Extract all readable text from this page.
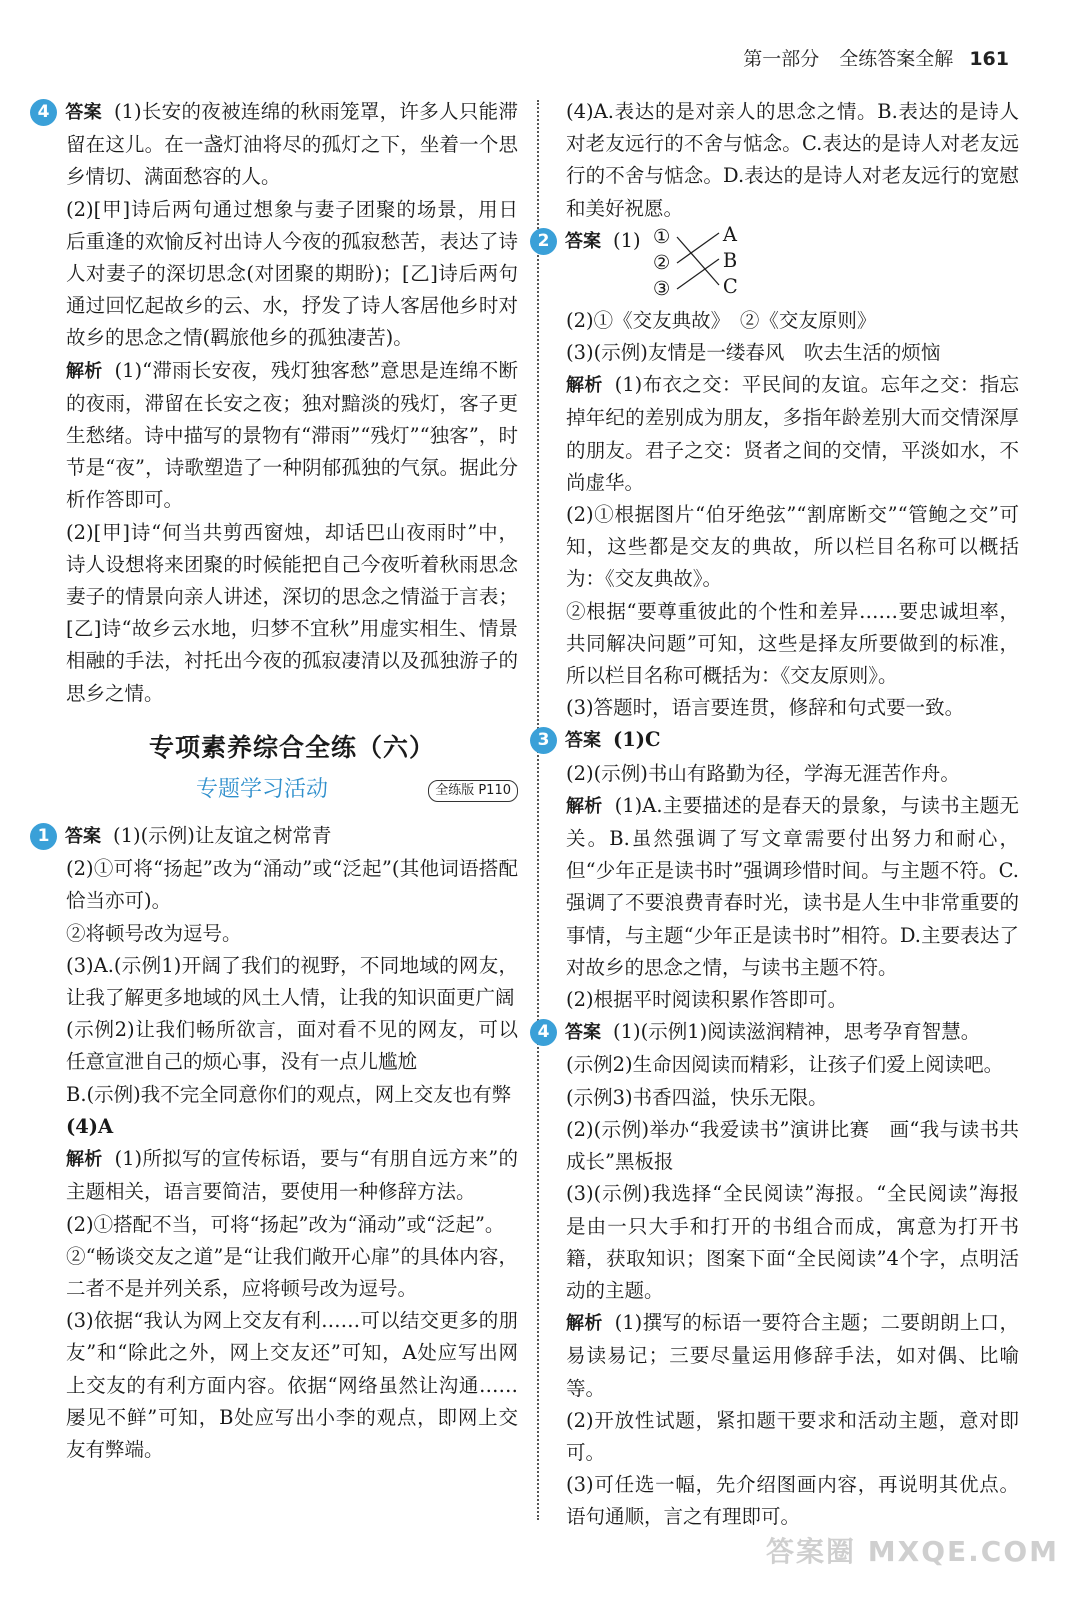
第一部分 全练答案全解 161

4 答案 (1)长安的夜被连绵的秋雨笼罩，许多人只能滞留在这儿。在一盏灯油将尽的孤灯之下，坐着一个思乡情切、满面愁容的人。

(2)[甲]诗后两句通过想象与妻子团聚的场景，用日后重逢的欢愉反衬出诗人今夜的孤寂愁苦，表达了诗人对妻子的深切思念(对团聚的期盼)；[乙]诗后两句通过回忆起故乡的云、水，抒发了诗人客居他乡时对故乡的思念之情(羁旅他乡的孤独凄苦)。

解析 (1)“滞雨长安夜，残灯独客愁”意思是连绵不断的夜雨，滞留在长安之夜；独对黯淡的残灯，客子更生愁绪。诗中描写的景物有“滞雨”“残灯”“独客”，时节是“夜”，诗歌塑造了一种阴郁孤独的气氛。据此分析作答即可。

(2)[甲]诗“何当共剪西窗烛，却话巴山夜雨时”中，诗人设想将来团聚的时候能把自己今夜听着秋雨思念妻子的情景向亲人讲述，深切的思念之情溢于言表；[乙]诗“故乡云水地，归梦不宜秋”用虚实相生、情景相融的手法，衬托出今夜的孤寂凄清以及孤独游子的思乡之情。

专项素养综合全练（六）
专题学习活动	全练版 P110

1 答案 (1)(示例)让友谊之树常青

(2)①可将“扬起”改为“涌动”或“泛起”(其他词语搭配恰当亦可)。

②将顿号改为逗号。

(3)A.(示例1)开阔了我们的视野，不同地域的网友，让我了解更多地域的风土人情，让我的知识面更广阔

(示例2)让我们畅所欲言，面对看不见的网友，可以任意宣泄自己的烦心事，没有一点儿尴尬

B.(示例)我不完全同意你们的观点，网上交友也有弊

(4)A

解析 (1)所拟写的宣传标语，要与“有朋自远方来”的主题相关，语言要简洁，要使用一种修辞方法。

(2)①搭配不当，可将“扬起”改为“涌动”或“泛起”。

②“畅谈交友之道”是“让我们敞开心扉”的具体内容，二者不是并列关系，应将顿号改为逗号。

(3)依据“我认为网上交友有利……可以结交更多的朋友”和“除此之外，网上交友还”可知，A处应写出网上交友的有利方面内容。依据“网络虽然让沟通……屡见不鲜”可知，B处应写出小李的观点，即网上交友有弊端。

(4)A.表达的是对亲人的思念之情。B.表达的是诗人对老友远行的不舍与惦念。C.表达的是诗人对老友远行的不舍与惦念。D.表达的是诗人对老友远行的宽慰和美好祝愿。

2 答案 (1) ①
②
③
A
B
C

(2)①《交友典故》　②《交友原则》

(3)(示例)友情是一缕春风　吹去生活的烦恼

解析 (1)布衣之交：平民间的友谊。忘年之交：指忘掉年纪的差别成为朋友，多指年龄差别大而交情深厚的朋友。君子之交：贤者之间的交情，平淡如水，不尚虚华。

(2)①根据图片“伯牙绝弦”“割席断交”“管鲍之交”可知，这些都是交友的典故，所以栏目名称可以概括为：《交友典故》。

②根据“要尊重彼此的个性和差异……要忠诚坦率，共同解决问题”可知，这些是择友所要做到的标准，所以栏目名称可概括为：《交友原则》。

(3)答题时，语言要连贯，修辞和句式要一致。

3 答案 (1)C

(2)(示例)书山有路勤为径，学海无涯苦作舟。

解析 (1)A.主要描述的是春天的景象，与读书主题无关。B.虽然强调了写文章需要付出努力和耐心，但“少年正是读书时”强调珍惜时间。与主题不符。C.强调了不要浪费青春时光，读书是人生中非常重要的事情，与主题“少年正是读书时”相符。D.主要表达了对故乡的思念之情，与读书主题不符。

(2)根据平时阅读积累作答即可。

4 答案 (1)(示例1)阅读滋润精神，思考孕育智慧。

(示例2)生命因阅读而精彩，让孩子们爱上阅读吧。

(示例3)书香四溢，快乐无限。

(2)(示例)举办“我爱读书”演讲比赛　画“我与读书共成长”黑板报

(3)(示例)我选择“全民阅读”海报。“全民阅读”海报是由一只大手和打开的书组合而成，寓意为打开书籍，获取知识；图案下面“全民阅读”4个字，点明活动的主题。

解析 (1)撰写的标语一要符合主题；二要朗朗上口，易读易记；三要尽量运用修辞手法，如对偶、比喻等。

(2)开放性试题，紧扣题干要求和活动主题，意对即可。

(3)可任选一幅，先介绍图画内容，再说明其优点。语句通顺，言之有理即可。

答案圈 MXQE.COM
